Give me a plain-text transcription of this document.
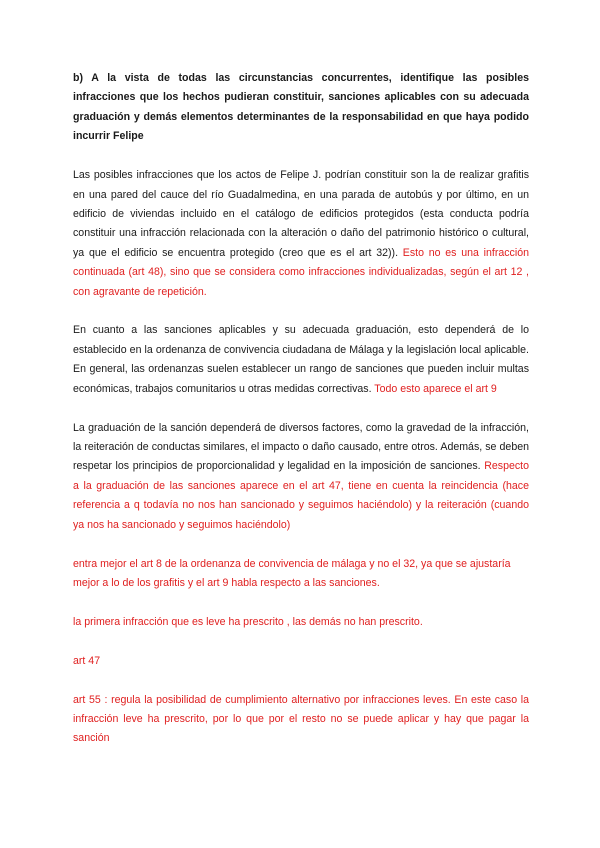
b) A la vista de todas las circunstancias concurrentes, identifique las posibles infracciones que los hechos pudieran constituir, sanciones aplicables con su adecuada graduación y demás elementos determinantes de la responsabilidad en que haya podido incurrir Felipe

Las posibles infracciones que los actos de Felipe J. podrían constituir son la de realizar grafitis en una pared del cauce del río Guadalmedina, en una parada de autobús y por último, en un edificio de viviendas incluido en el catálogo de edificios protegidos (esta conducta podría constituir una infracción relacionada con la alteración o daño del patrimonio histórico o cultural, ya que el edificio se encuentra protegido (creo que es el art 32)). Esto no es una infracción continuada (art 48), sino que se considera como infracciones individualizadas, según el art 12 , con agravante de repetición.

En cuanto a las sanciones aplicables y su adecuada graduación, esto dependerá de lo establecido en la ordenanza de convivencia ciudadana de Málaga y la legislación local aplicable. En general, las ordenanzas suelen establecer un rango de sanciones que pueden incluir multas económicas, trabajos comunitarios u otras medidas correctivas. Todo esto aparece el art 9

La graduación de la sanción dependerá de diversos factores, como la gravedad de la infracción, la reiteración de conductas similares, el impacto o daño causado, entre otros. Además, se deben respetar los principios de proporcionalidad y legalidad en la imposición de sanciones. Respecto a la graduación de las sanciones aparece en el art 47, tiene en cuenta la reincidencia (hace referencia a q todavía no nos han sancionado y seguimos haciéndolo) y la reiteración (cuando ya nos ha sancionado y seguimos haciéndolo)

entra mejor el art 8 de la ordenanza de convivencia de málaga y no el 32, ya que se ajustaría mejor a lo de los grafitis y el art 9 habla respecto a las sanciones.

la primera infracción que es leve ha prescrito , las demás no han prescrito.

art 47

art 55 : regula la posibilidad de cumplimiento alternativo por infracciones leves. En este caso la infracción leve ha prescrito, por lo que por el resto no se puede aplicar y hay que pagar la sanción
